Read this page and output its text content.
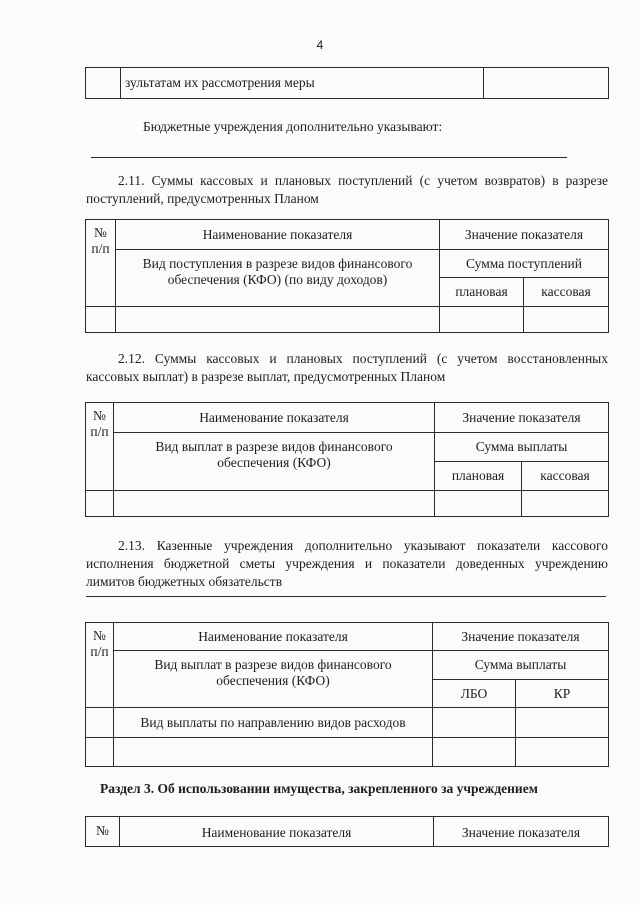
4
	зультатам их рассмотрения меры	
Бюджетные учреждения дополнительно указывают:
2.11. Суммы кассовых и плановых поступлений (с учетом возвратов) в разрезе поступлений, предусмотренных Планом
№
п/п	Наименование показателя	Значение показателя	
	Вид поступления в разрезе видов финансового обеспечения (КФО) (по виду доходов)	Сумма поступлений	
		плановая	кассовая

2.12. Суммы кассовых и плановых поступлений (с учетом восстановленных кассовых выплат) в разрезе выплат, предусмотренных Планом
№
п/п	Наименование показателя	Значение показателя	
	Вид выплат в разрезе видов финансового обеспечения (КФО)	Сумма выплаты	
		плановая	кассовая

2.13. Казенные учреждения дополнительно указывают показатели кассового исполнения бюджетной сметы учреждения и показатели доведенных учреждению лимитов бюджетных обязательств
№
п/п	Наименование показателя	Значение показателя	
	Вид выплат в разрезе видов финансового обеспечения (КФО)	Сумма выплаты	
		ЛБО	КР
	Вид выплаты по направлению видов расходов		

Раздел 3. Об использовании имущества, закрепленного за учреждением
№	Наименование показателя	Значение показателя
